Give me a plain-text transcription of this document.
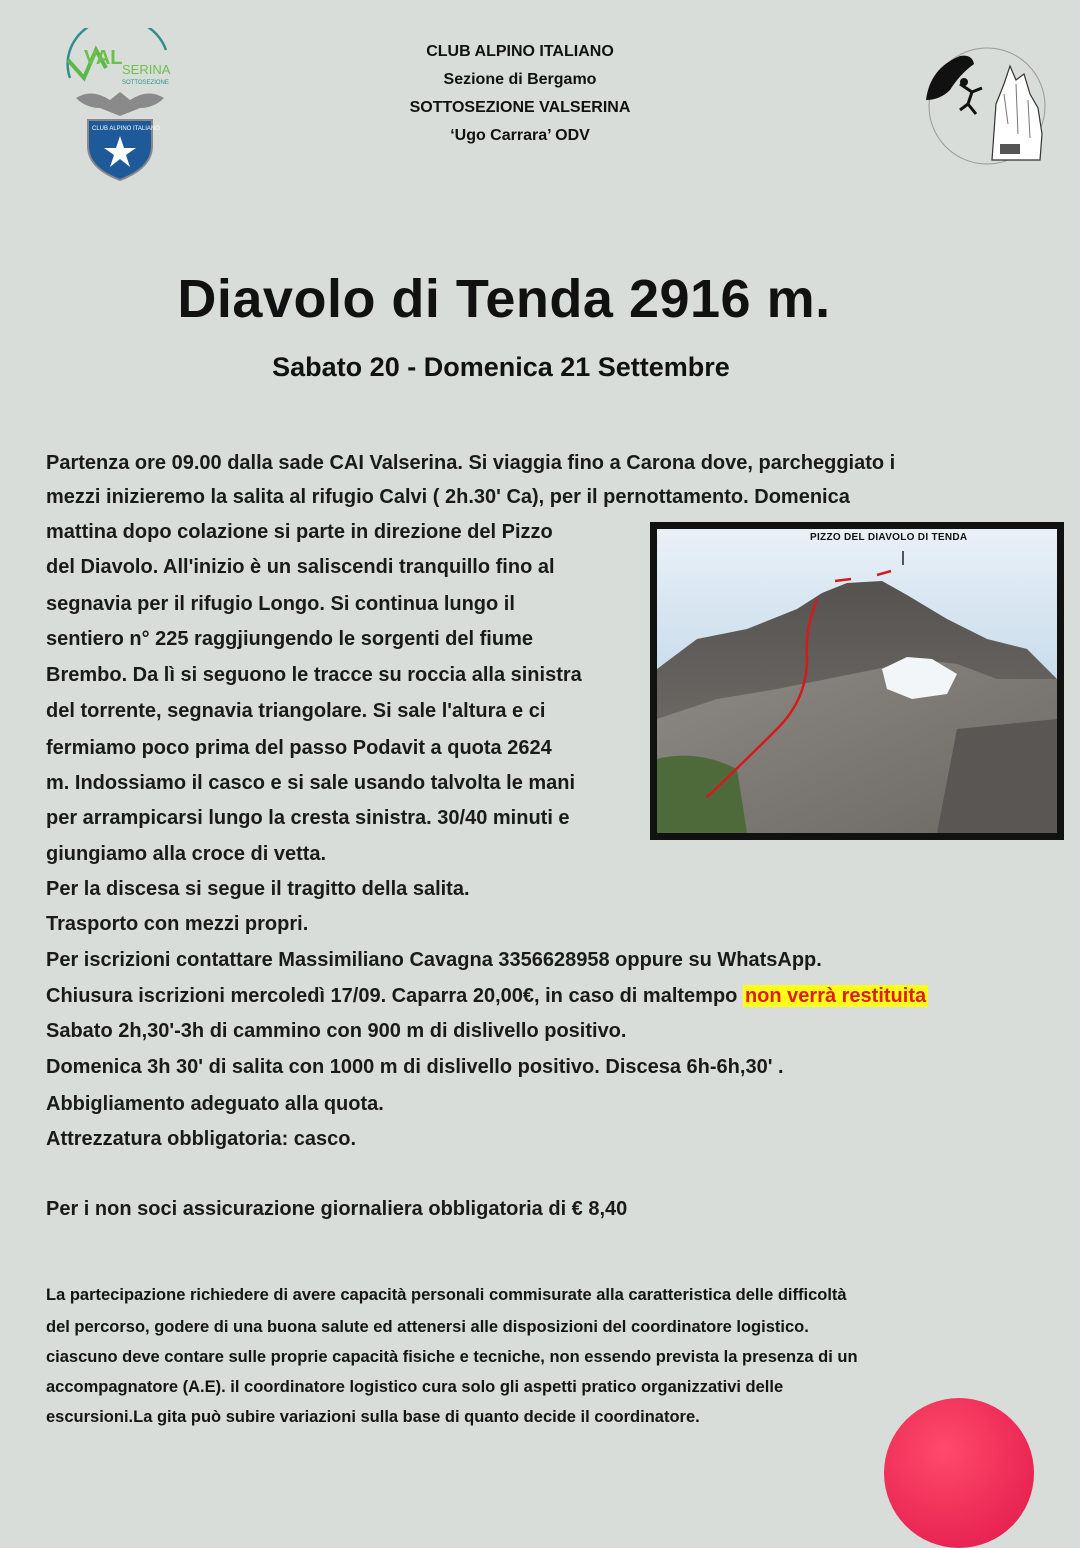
VAL
SERINA
SOTTOSEZIONE
CLUB ALPINO ITALIANO
CLUB ALPINO ITALIANO
Sezione di Bergamo
SOTTOSEZIONE VALSERINA
‘Ugo Carrara’ ODV
Diavolo di Tenda 2916 m.
Sabato 20 - Domenica 21 Settembre
PIZZO DEL DIAVOLO DI TENDA
Partenza ore 09.00 dalla sade CAI Valserina. Si viaggia fino a Carona dove, parcheggiato i
mezzi inizieremo la salita al rifugio Calvi ( 2h.30' Ca), per il pernottamento. Domenica
mattina dopo colazione si parte in direzione del Pizzo
del Diavolo. All'inizio è un saliscendi tranquillo fino al
segnavia per il rifugio Longo. Si continua lungo il
sentiero n° 225 raggjiungendo le sorgenti del fiume
Brembo. Da lì si seguono le tracce su roccia alla sinistra
del torrente, segnavia triangolare. Si sale l'altura e ci
fermiamo poco prima del passo Podavit a quota 2624
m. Indossiamo il casco e si sale usando talvolta le mani
per arrampicarsi lungo la cresta sinistra. 30/40 minuti e
giungiamo alla croce di vetta.
Per la discesa si segue il tragitto della salita.
Trasporto con mezzi propri.
Per iscrizioni contattare Massimiliano Cavagna 3356628958 oppure su WhatsApp.
Chiusura iscrizioni mercoledì 17/09. Caparra 20,00€, in caso di maltempo non verrà restituita
Sabato 2h,30'-3h di cammino con 900 m di dislivello positivo.
Domenica 3h 30' di salita con 1000 m di dislivello positivo. Discesa 6h-6h,30' .
Abbigliamento adeguato alla quota.
Attrezzatura obbligatoria: casco.
Per i non soci assicurazione giornaliera obbligatoria di € 8,40
La partecipazione richiedere di avere capacità personali commisurate alla caratteristica delle difficoltà
del percorso, godere di una buona salute ed attenersi alle disposizioni del coordinatore logistico.
ciascuno deve contare sulle proprie capacità fisiche e tecniche, non essendo prevista la presenza di un
accompagnatore (A.E). il coordinatore logistico cura solo gli aspetti pratico organizzativi delle
escursioni.La gita può subire variazioni sulla base di quanto decide il coordinatore.
